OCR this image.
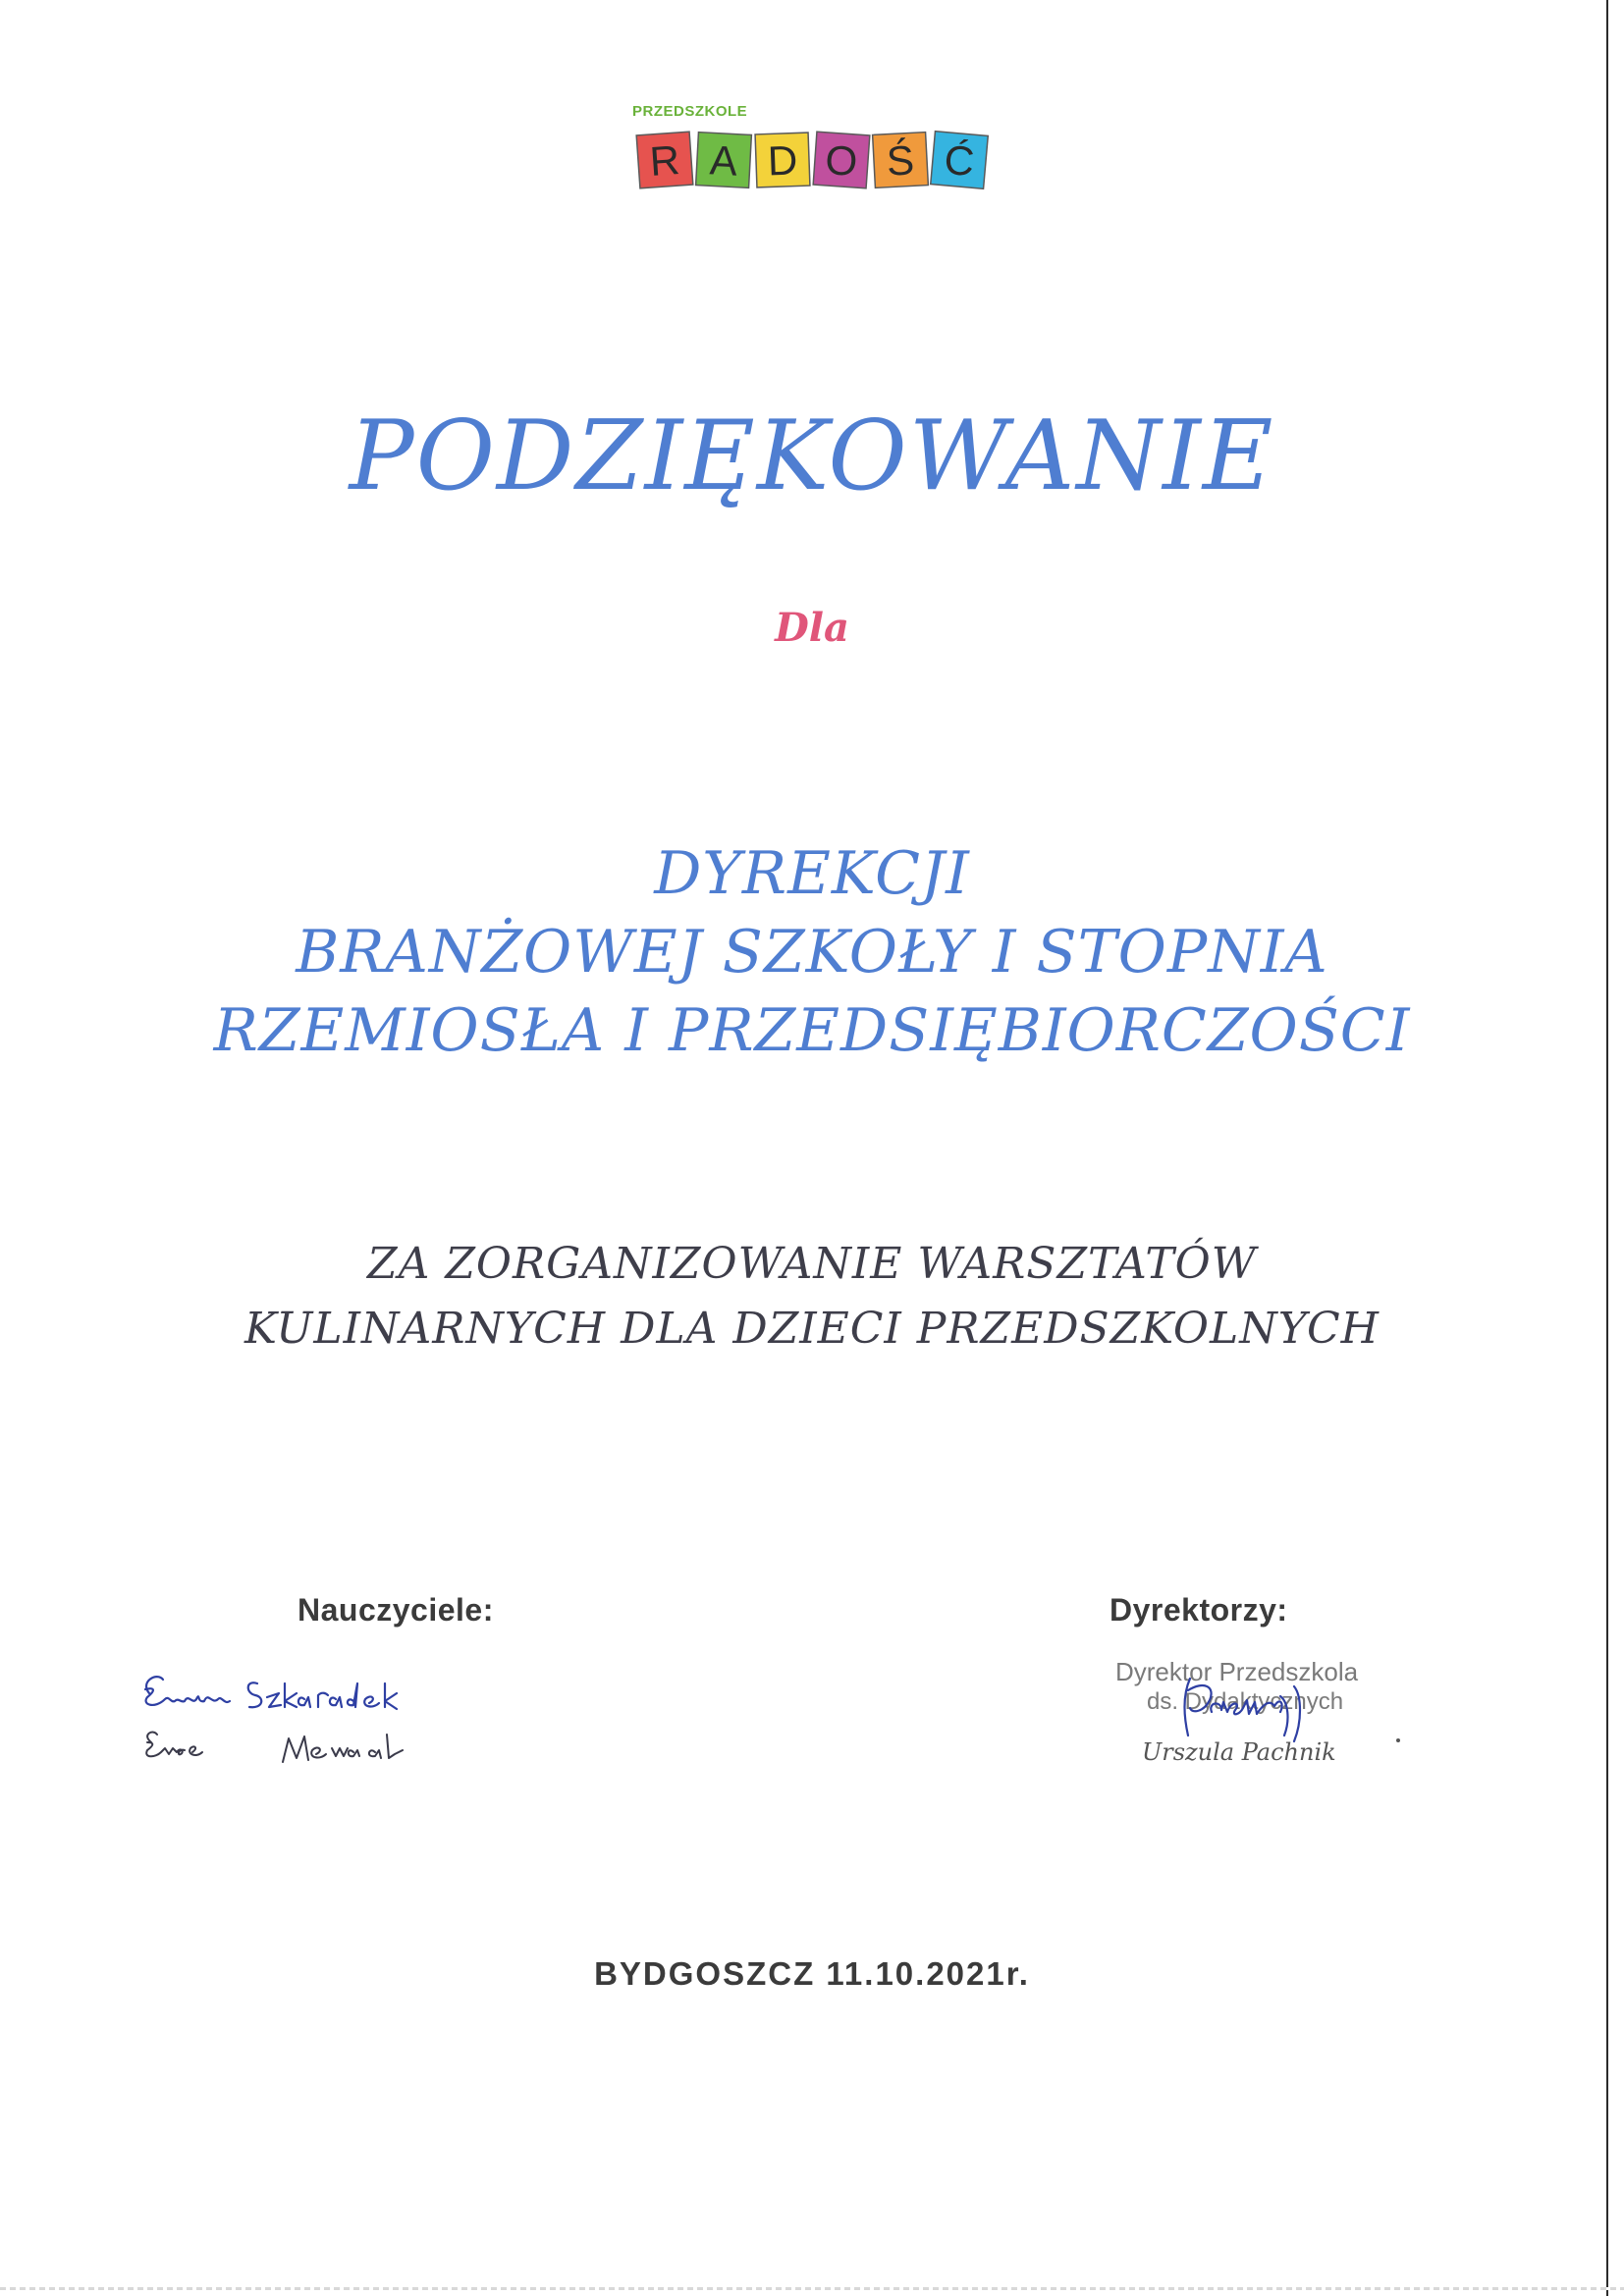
PRZEDSZKOLE
R A D O Ś Ć
PODZIĘKOWANIE
Dla
DYREKCJI
BRANŻOWEJ SZKOŁY I STOPNIA
RZEMIOSŁA I PRZEDSIĘBIORCZOŚCI
ZA ZORGANIZOWANIE WARSZTATÓW
KULINARNYCH DLA DZIECI PRZEDSZKOLNYCH
Nauczyciele:	Dyrektorzy:
Dyrektor Przedszkola
ds. Dydaktycznych
Urszula Pachnik
BYDGOSZCZ 11.10.2021r.
